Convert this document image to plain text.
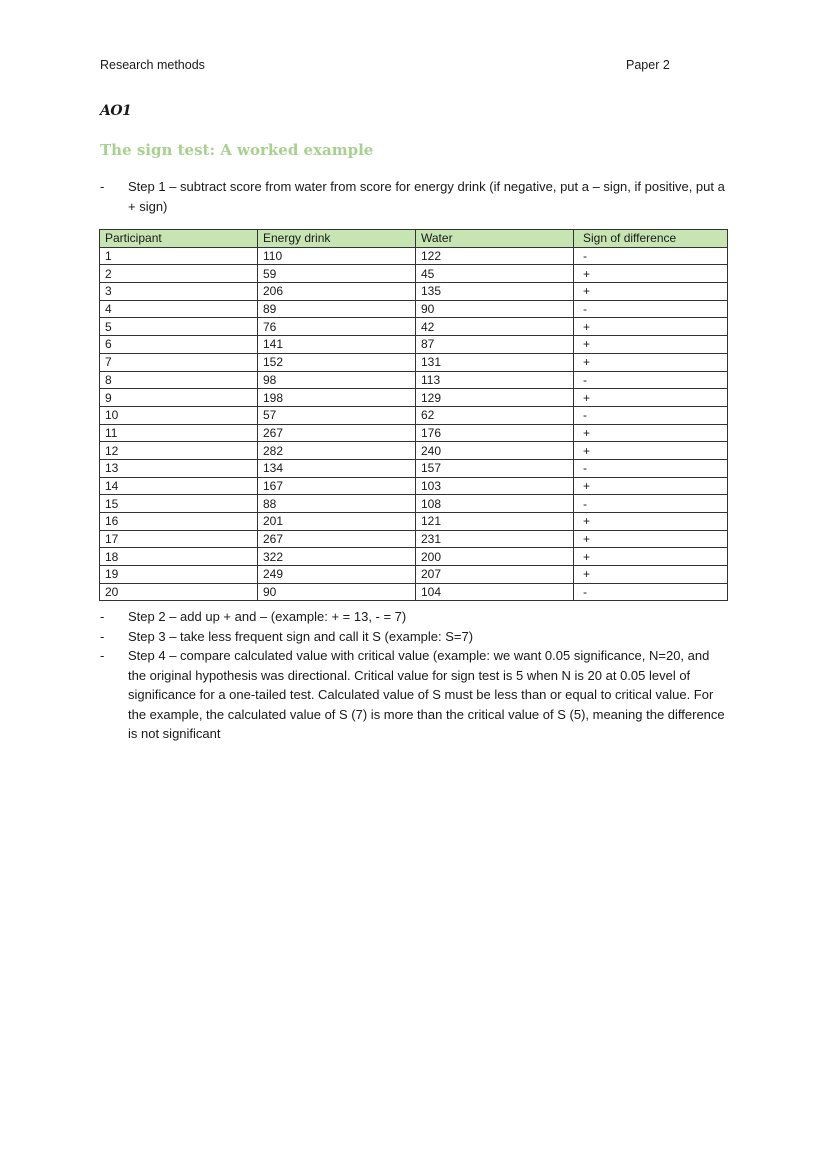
Research methods	Paper 2
AO1
The sign test: A worked example
-	Step 1 – subtract score from water from score for energy drink (if negative, put a – sign, if positive, put a + sign)
Participant	Energy drink	Water	Sign of difference
1	110	122	-
2	59	45	+
3	206	135	+
4	89	90	-
5	76	42	+
6	141	87	+
7	152	131	+
8	98	113	-
9	198	129	+
10	57	62	-
11	267	176	+
12	282	240	+
13	134	157	-
14	167	103	+
15	88	108	-
16	201	121	+
17	267	231	+
18	322	200	+
19	249	207	+
20	90	104	-
-	Step 2 – add up + and – (example: + = 13, - = 7)
-	Step 3 – take less frequent sign and call it S (example: S=7)
-	Step 4 – compare calculated value with critical value (example: we want 0.05 significance, N=20, and the original hypothesis was directional. Critical value for sign test is 5 when N is 20 at 0.05 level of significance for a one-tailed test. Calculated value of S must be less than or equal to critical value. For the example, the calculated value of S (7) is more than the critical value of S (5), meaning the difference is not significant
